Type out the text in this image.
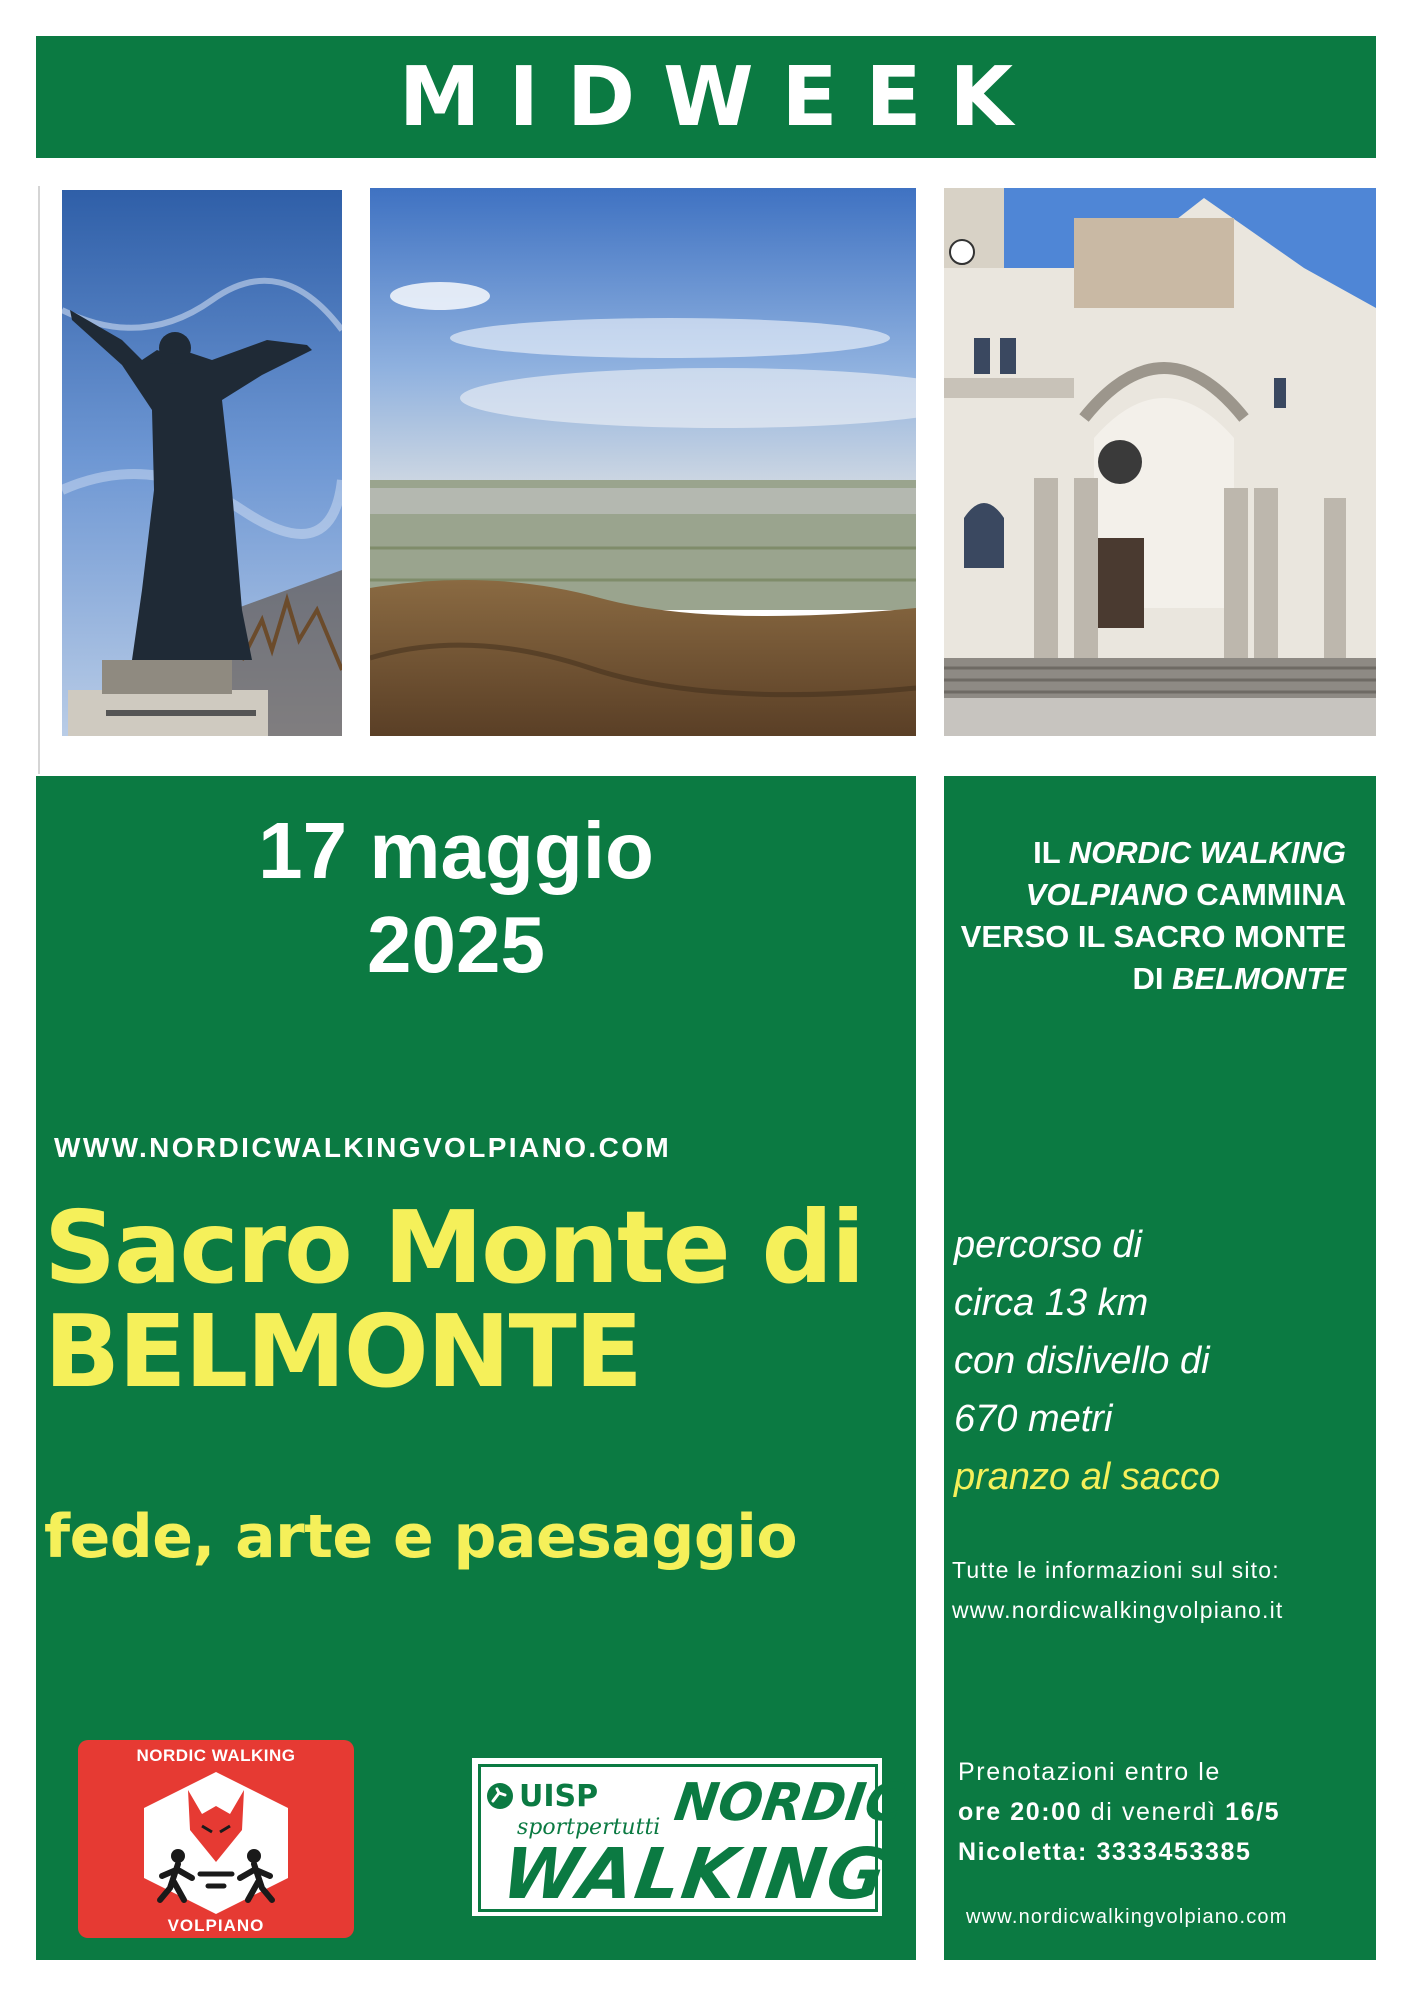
MIDWEEK
17 maggio
2025
WWW.NORDICWALKINGVOLPIANO.COM
Sacro Monte di
BELMONTE
fede, arte e paesaggio
NORDIC WALKING
VOLPIANO
UISP
sportpertutti NORDIC
WALKING
IL NORDIC WALKING VOLPIANO CAMMINA VERSO IL SACRO MONTE DI BELMONTE
percorso di
circa 13 km
con dislivello di
670 metri
pranzo al sacco
Tutte le informazioni sul sito:
www.nordicwalkingvolpiano.it
Prenotazioni entro le
ore 20:00 di venerdì 16/5
Nicoletta: 3333453385
www.nordicwalkingvolpiano.com
